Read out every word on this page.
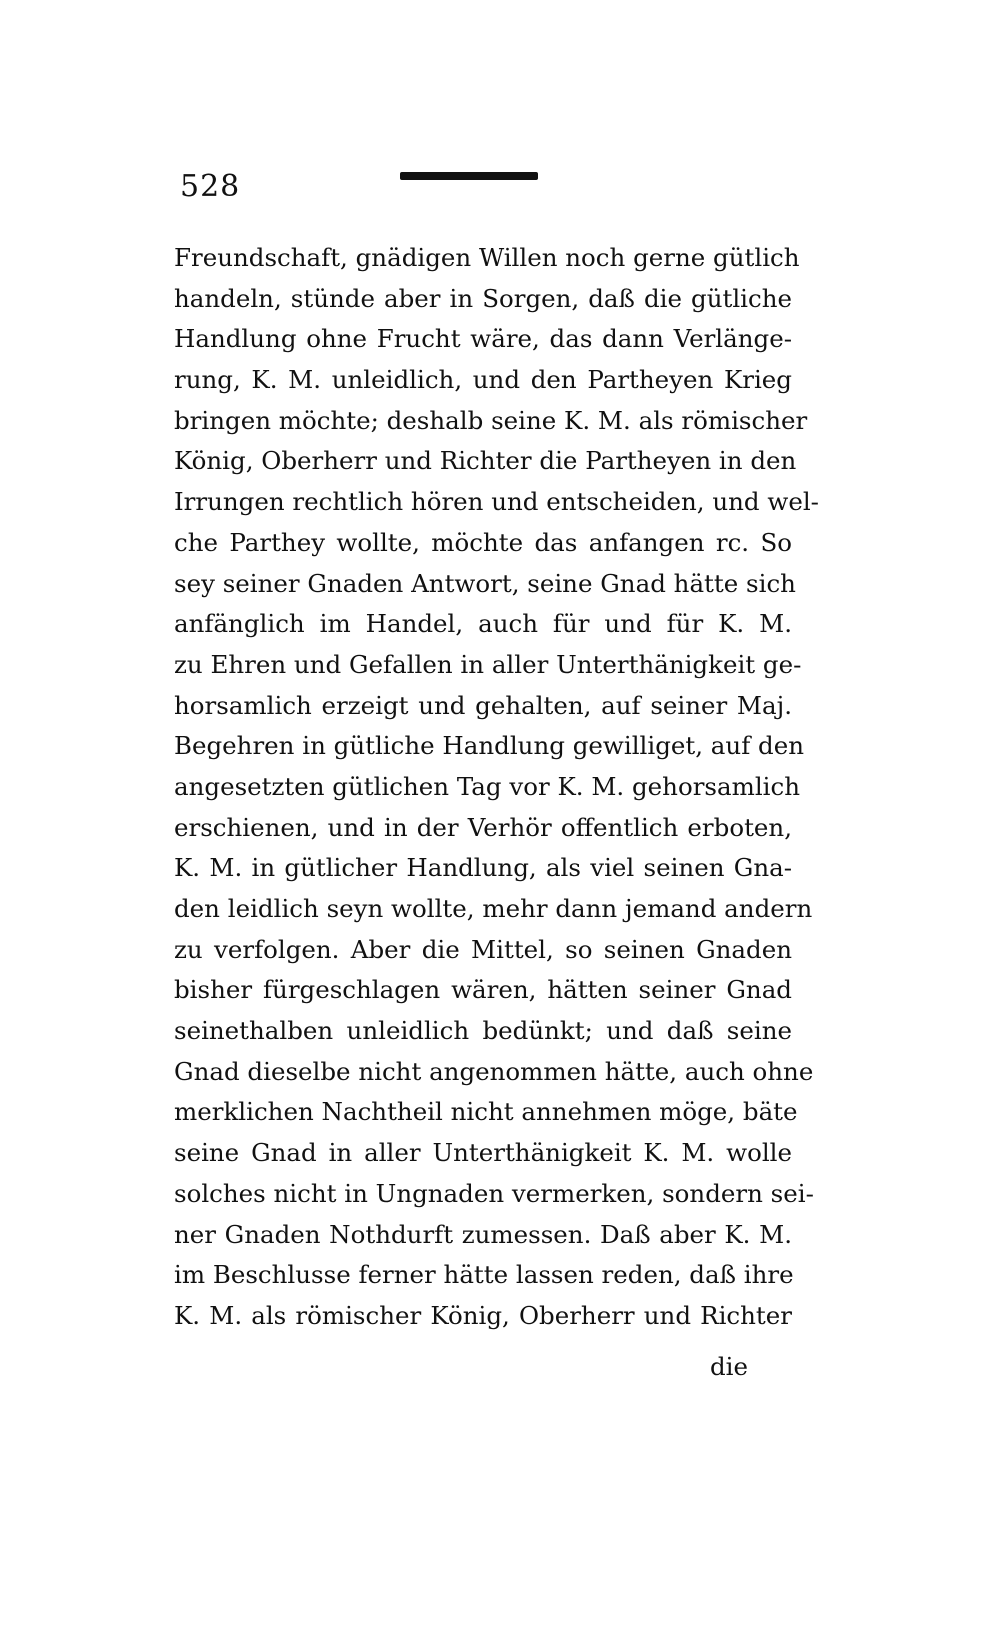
528
Freundschaft, gnädigen Willen noch gerne gütlich
handeln, stünde aber in Sorgen, daß die gütliche
Handlung ohne Frucht wäre, das dann Verlänge-
rung, K. M. unleidlich, und den Partheyen Krieg
bringen möchte; deshalb seine K. M. als römischer
König, Oberherr und Richter die Partheyen in den
Irrungen rechtlich hören und entscheiden, und wel-
che Parthey wollte, möchte das anfangen rc. So
sey seiner Gnaden Antwort, seine Gnad hätte sich
anfänglich im Handel, auch für und für K. M.
zu Ehren und Gefallen in aller Unterthänigkeit ge-
horsamlich erzeigt und gehalten, auf seiner Maj.
Begehren in gütliche Handlung gewilliget, auf den
angesetzten gütlichen Tag vor K. M. gehorsamlich
erschienen, und in der Verhör offentlich erboten,
K. M. in gütlicher Handlung, als viel seinen Gna-
den leidlich seyn wollte, mehr dann jemand andern
zu verfolgen. Aber die Mittel, so seinen Gnaden
bisher fürgeschlagen wären, hätten seiner Gnad
seinethalben unleidlich bedünkt; und daß seine
Gnad dieselbe nicht angenommen hätte, auch ohne
merklichen Nachtheil nicht annehmen möge, bäte
seine Gnad in aller Unterthänigkeit K. M. wolle
solches nicht in Ungnaden vermerken, sondern sei-
ner Gnaden Nothdurft zumessen. Daß aber K. M.
im Beschlusse ferner hätte lassen reden, daß ihre
K. M. als römischer König, Oberherr und Richter
die
